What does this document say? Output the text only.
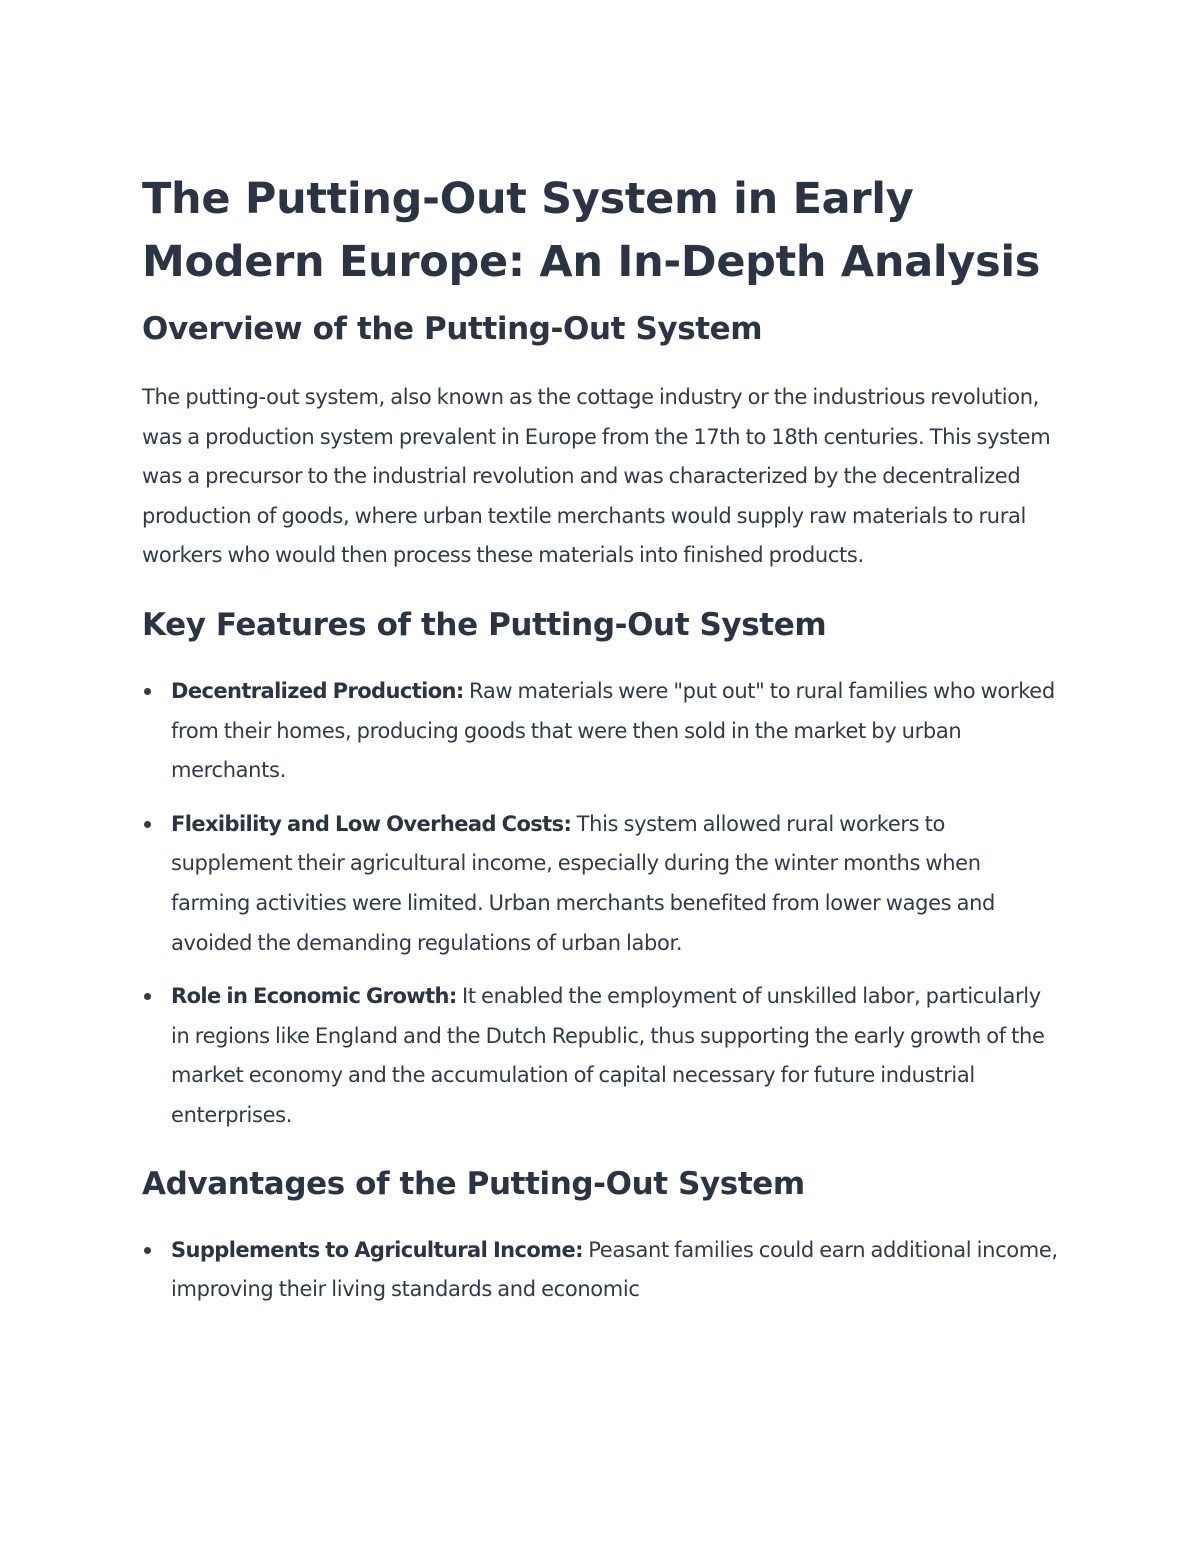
The Putting-Out System in Early Modern Europe: An In-Depth Analysis
Overview of the Putting-Out System

The putting-out system, also known as the cottage industry or the industrious revolution, was a production system prevalent in Europe from the 17th to 18th centuries. This system was a precursor to the industrial revolution and was characterized by the decentralized production of goods, where urban textile merchants would supply raw materials to rural workers who would then process these materials into finished products.

Key Features of the Putting-Out System
Decentralized Production: Raw materials were "put out" to rural families who worked from their homes, producing goods that were then sold in the market by urban merchants.
Flexibility and Low Overhead Costs: This system allowed rural workers to supplement their agricultural income, especially during the winter months when farming activities were limited. Urban merchants benefited from lower wages and avoided the demanding regulations of urban labor.
Role in Economic Growth: It enabled the employment of unskilled labor, particularly in regions like England and the Dutch Republic, thus supporting the early growth of the market economy and the accumulation of capital necessary for future industrial enterprises.
Advantages of the Putting-Out System
Supplements to Agricultural Income: Peasant families could earn additional income, improving their living standards and economic
